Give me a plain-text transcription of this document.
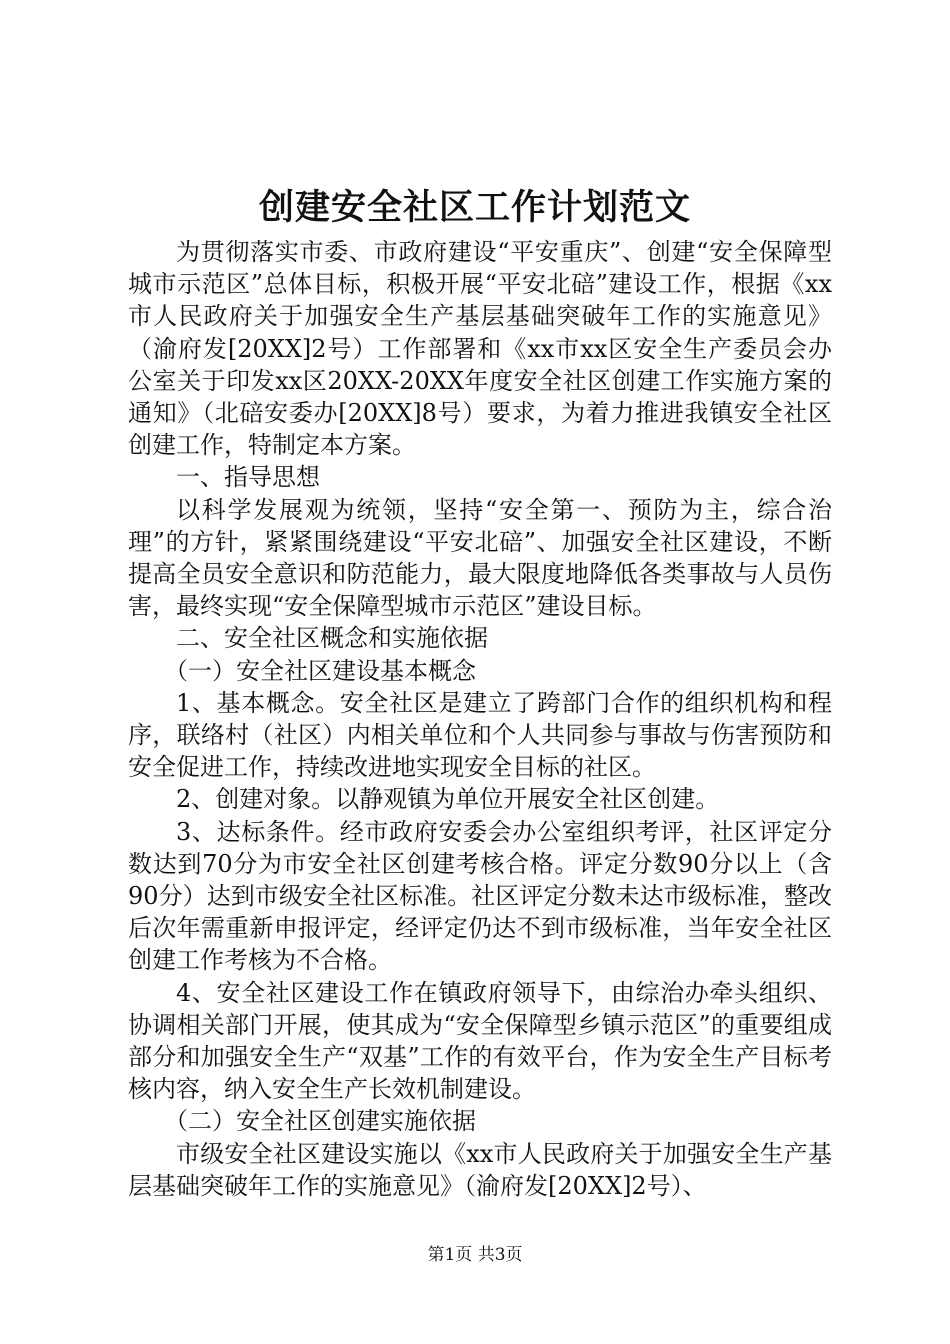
创建安全社区工作计划范文

为贯彻落实市委、市政府建设“平安重庆”、创建“安全保障型城市示范区”总体目标，积极开展“平安北碚”建设工作，根据《xx市人民政府关于加强安全生产基层基础突破年工作的实施意见》（渝府发[20XX]2号）工作部署和《xx市xx区安全生产委员会办公室关于印发xx区20XX-20XX年度安全社区创建工作实施方案的通知》（北碚安委办[20XX]8号）要求，为着力推进我镇安全社区创建工作，特制定本方案。

一、指导思想

以科学发展观为统领，坚持“安全第一、预防为主，综合治理”的方针，紧紧围绕建设“平安北碚”、加强安全社区建设，不断提高全员安全意识和防范能力，最大限度地降低各类事故与人员伤害，最终实现“安全保障型城市示范区”建设目标。

二、安全社区概念和实施依据

（一）安全社区建设基本概念

1、基本概念。安全社区是建立了跨部门合作的组织机构和程序，联络村（社区）内相关单位和个人共同参与事故与伤害预防和安全促进工作，持续改进地实现安全目标的社区。

2、创建对象。以静观镇为单位开展安全社区创建。

3、达标条件。经市政府安委会办公室组织考评，社区评定分数达到70分为市安全社区创建考核合格。评定分数90分以上（含90分）达到市级安全社区标准。社区评定分数未达市级标准，整改后次年需重新申报评定，经评定仍达不到市级标准，当年安全社区创建工作考核为不合格。

4、安全社区建设工作在镇政府领导下，由综治办牵头组织、协调相关部门开展，使其成为“安全保障型乡镇示范区”的重要组成部分和加强安全生产“双基”工作的有效平台，作为安全生产目标考核内容，纳入安全生产长效机制建设。

（二）安全社区创建实施依据

市级安全社区建设实施以《xx市人民政府关于加强安全生产基层基础突破年工作的实施意见》（渝府发[20XX]2号）、

第1页 共3页
